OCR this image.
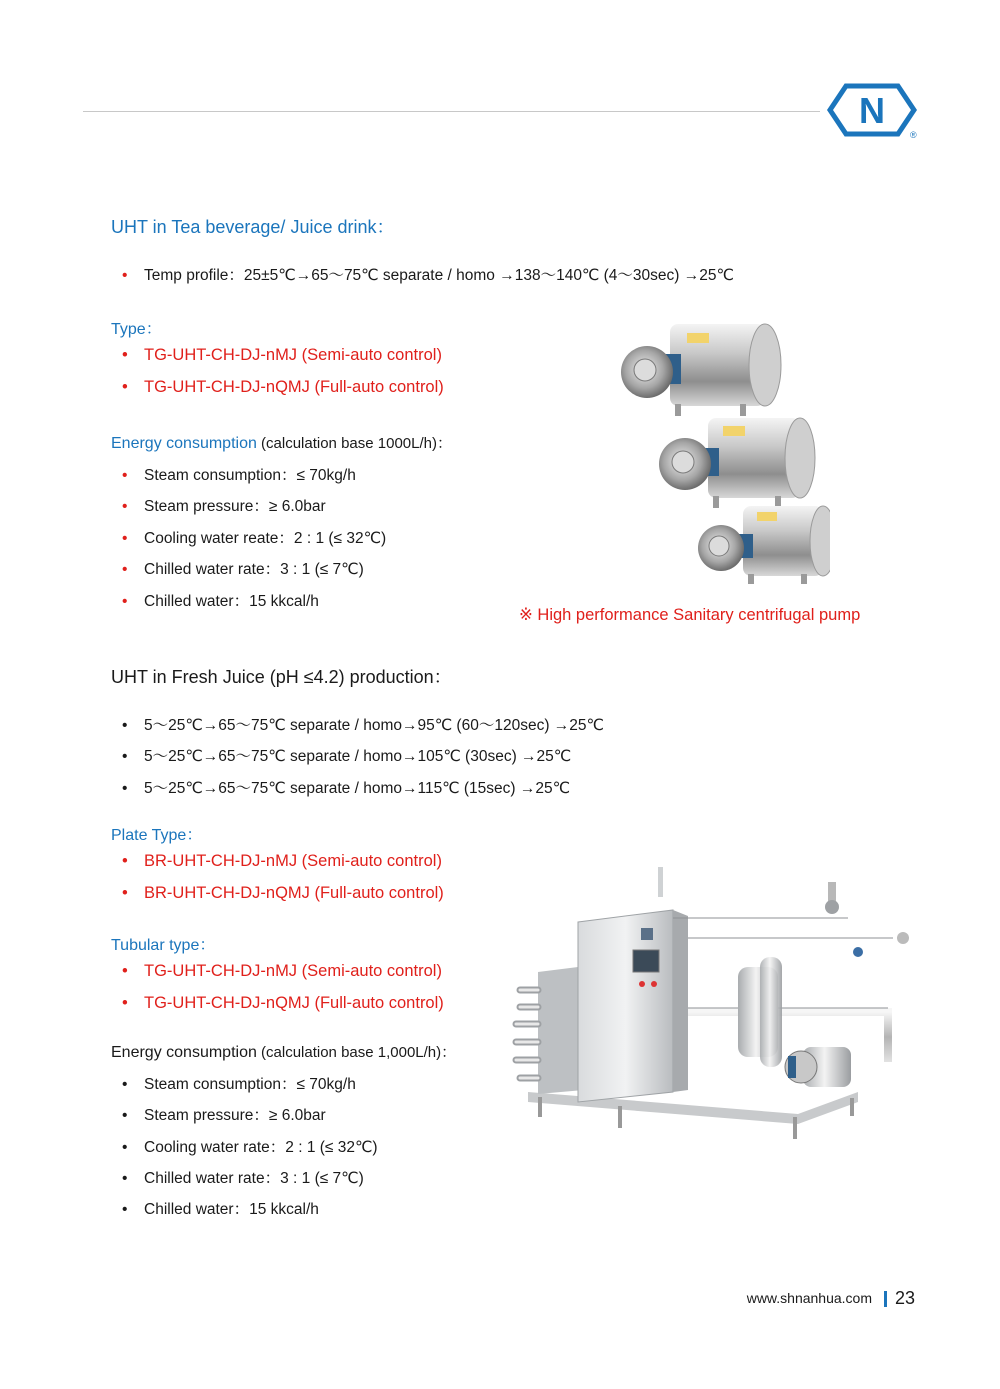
N
®
UHT in Tea beverage/ Juice drink：
• Temp profile：25±5℃→65～75℃ separate / homo →138～140℃ (4～30sec) →25℃
Type：
• TG-UHT-CH-DJ-nMJ (Semi-auto control)
• TG-UHT-CH-DJ-nQMJ (Full-auto control)
Energy consumption (calculation base 1000L/h)：
• Steam consumption：≤ 70kg/h
• Steam pressure：≥ 6.0bar
• Cooling water reate：2 : 1 (≤ 32℃)
• Chilled water rate：3 : 1 (≤ 7℃)
• Chilled water：15 kkcal/h
※ High performance Sanitary centrifugal pump
UHT in Fresh Juice (pH ≤4.2) production：
• 5～25℃→65～75℃ separate / homo→95℃ (60～120sec) →25℃
• 5～25℃→65～75℃ separate / homo→105℃ (30sec) →25℃
• 5～25℃→65～75℃ separate / homo→115℃ (15sec) →25℃
Plate Type：
• BR-UHT-CH-DJ-nMJ (Semi-auto control)
• BR-UHT-CH-DJ-nQMJ (Full-auto control)
Tubular type：
• TG-UHT-CH-DJ-nMJ (Semi-auto control)
• TG-UHT-CH-DJ-nQMJ (Full-auto control)
Energy consumption (calculation base 1,000L/h)：
• Steam consumption：≤ 70kg/h
• Steam pressure：≥ 6.0bar
• Cooling water rate：2 : 1 (≤ 32℃)
• Chilled water rate：3 : 1 (≤ 7℃)
• Chilled water：15 kkcal/h
www.shnanhua.com 23
